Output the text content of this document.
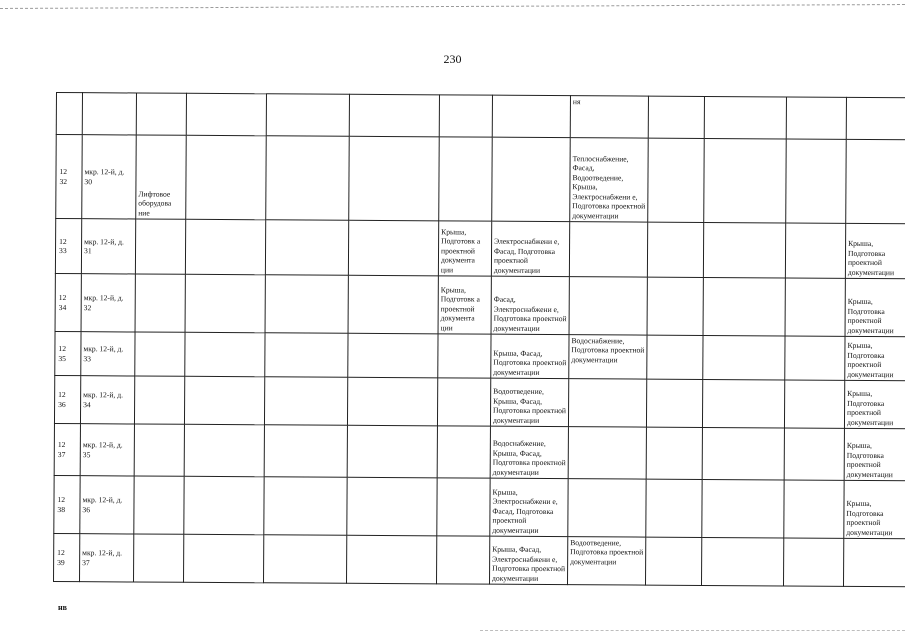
230
								ня				

12
32	мкр. 12-й, д. 30	Лифтовое оборудова ние						Теплоснабжение, Фасад, Водоотведение, Крыша, Электроснабжени е, Подготовка проектной документации				

12
33	мкр. 12-й, д. 31					Крыша, Подготовк а проектной документа ции	Электроснабжени е, Фасад, Подготовка проектной документации					Крыша, Подготовка проектной документации

12
34	мкр. 12-й, д. 32					Крыша, Подготовк а проектной документа ции	Фасад, Электроснабжени е, Подготовка проектной документации					Крыша, Подготовка проектной документации

12
35	мкр. 12-й, д. 33						Крыша, Фасад, Подготовка проектной документации	Водоснабжение, Подготовка проектной документации				Крыша, Подготовка проектной документации

12
36	мкр. 12-й, д. 34						Водоотведение, Крыша, Фасад, Подготовка проектной документации					Крыша, Подготовка проектной документации

12
37	мкр. 12-й, д. 35						Водоснабжение, Крыша, Фасад, Подготовка проектной документации					Крыша, Подготовка проектной документации

12
38	мкр. 12-й, д. 36						Крыша, Электроснабжени е, Фасад, Подготовка проектной документации					Крыша, Подготовка проектной документации

12
39	мкр. 12-й, д. 37						Крыша, Фасад, Электроснабжени е, Подготовка проектной документации	Водоотведение, Подготовка проектной документации				
нв
